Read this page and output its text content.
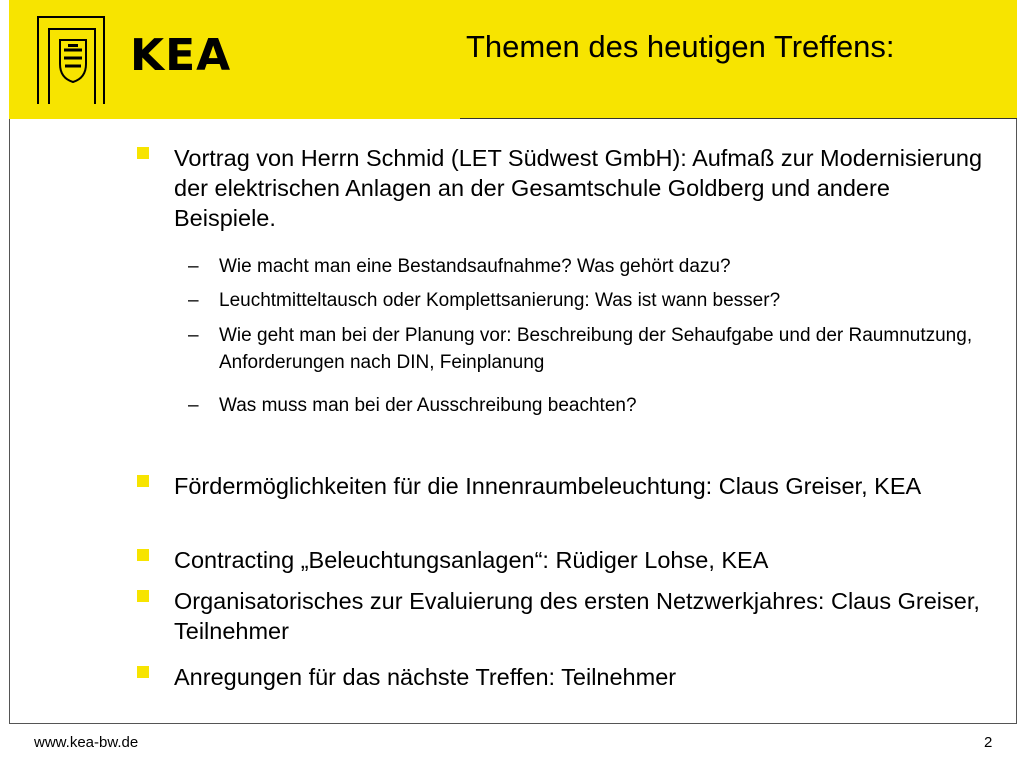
KEA	Themen des heutigen Treffens:
Vortrag von Herrn Schmid (LET Südwest GmbH): Aufmaß zur Modernisierung der elektrischen Anlagen an der Gesamtschule Goldberg und andere Beispiele.
– Wie macht man eine Bestandsaufnahme? Was gehört dazu?
– Leuchtmitteltausch oder Komplettsanierung: Was ist wann besser?
– Wie geht man bei der Planung vor: Beschreibung der Sehaufgabe und der Raumnutzung, Anforderungen nach DIN, Feinplanung
– Was muss man bei der Ausschreibung beachten?
Fördermöglichkeiten für die Innenraumbeleuchtung: Claus Greiser, KEA
Contracting „Beleuchtungsanlagen“: Rüdiger Lohse, KEA
Organisatorisches zur Evaluierung des ersten Netzwerkjahres: Claus Greiser, Teilnehmer
Anregungen für das nächste Treffen: Teilnehmer
www.kea-bw.de	2
